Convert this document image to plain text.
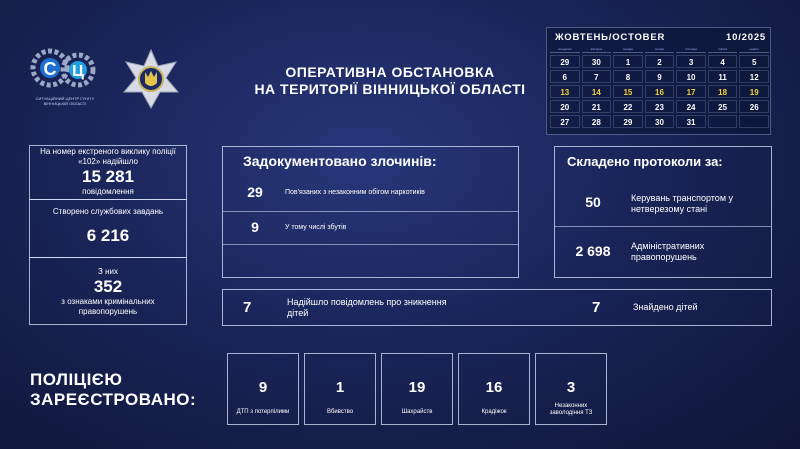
С Ц
СИТУАЦІЙНИЙ ЦЕНТР ГУНП У ВІННИЦЬКІЙ ОБЛАСТІ
ОПЕРАТИВНА ОБСТАНОВКА
НА ТЕРИТОРІЇ ВІННИЦЬКОЇ ОБЛАСТІ
ЖОВТЕНЬ/OCTOBER	10/2025
понеділок	вівторок	середа	четвер	п'ятниця	субота	неділя
29	30	1	2	3	4	5
6	7	8	9	10	11	12
13	14	15	16	17	18	19
20	21	22	23	24	25	26
27	28	29	30	31
На номер екстреного виклику поліції «102» надійшло
15 281
повідомлення
Створено службових завдань
6 216
З них
352
з ознаками кримінальних правопорушень
Задокументовано злочинів:
29	Пов'язаних з незаконним обігом наркотиків
9	У тому числі збутів
Складено протоколи за:
50	Керувань транспортом у нетверезому стані
2 698	Адміністративних правопорушень
7	Надійшло повідомлень про зникнення дітей	7	Знайдено дітей
ПОЛІЦІЄЮ
ЗАРЕЄСТРОВАНО:
9
ДТП з потерпілими
1
Вбивство
19
Шахрайств
16
Крадіжок
3
Незаконних заволодіння ТЗ
